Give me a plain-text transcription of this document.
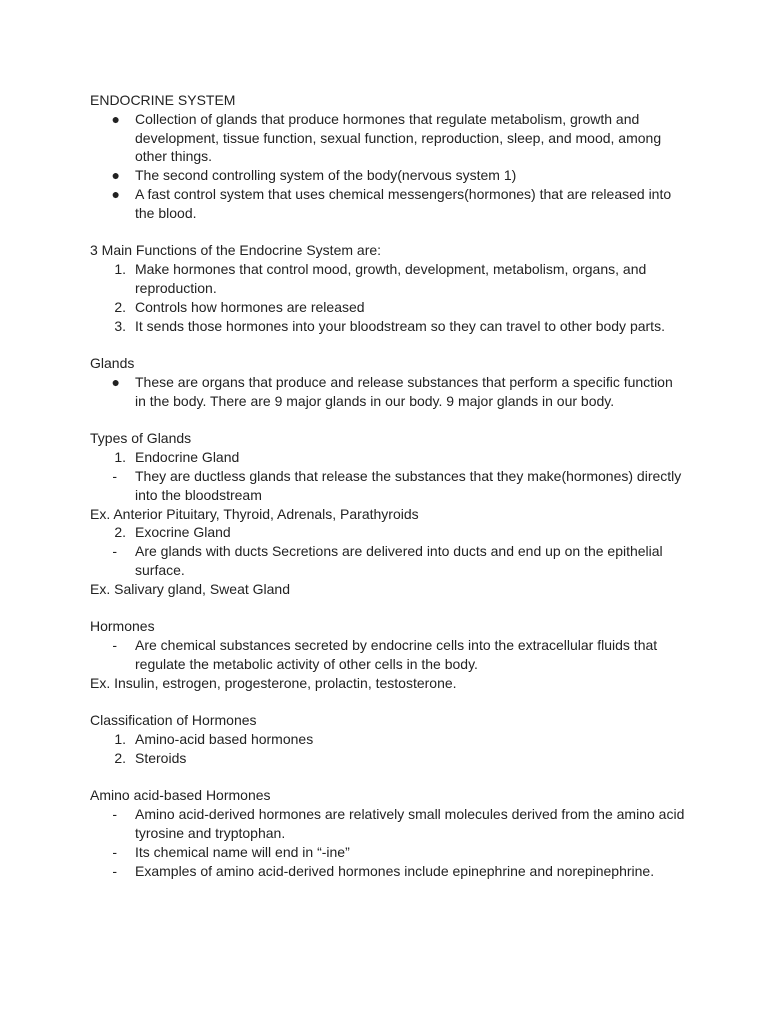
ENDOCRINE SYSTEM

● Collection of glands that produce hormones that regulate metabolism, growth and
development, tissue function, sexual function, reproduction, sleep, and mood, among
other things.
● The second controlling system of the body(nervous system 1)
● A fast control system that uses chemical messengers(hormones) that are released into
the blood.

3 Main Functions of the Endocrine System are:

1. Make hormones that control mood, growth, development, metabolism, organs, and
reproduction.
2. Controls how hormones are released
3. It sends those hormones into your bloodstream so they can travel to other body parts.

Glands

● These are organs that produce and release substances that perform a specific function
in the body. There are 9 major glands in our body. 9 major glands in our body.

Types of Glands

1. Endocrine Gland
- They are ductless glands that release the substances that they make(hormones) directly
into the bloodstream

Ex. Anterior Pituitary, Thyroid, Adrenals, Parathyroids

2. Exocrine Gland
- Are glands with ducts Secretions are delivered into ducts and end up on the epithelial
surface.

Ex. Salivary gland, Sweat Gland

Hormones

- Are chemical substances secreted by endocrine cells into the extracellular fluids that
regulate the metabolic activity of other cells in the body.

Ex. Insulin, estrogen, progesterone, prolactin, testosterone.

Classification of Hormones

1. Amino-acid based hormones
2. Steroids

Amino acid-based Hormones

- Amino acid-derived hormones are relatively small molecules derived from the amino acid
tyrosine and tryptophan.
- Its chemical name will end in “-ine”
- Examples of amino acid-derived hormones include epinephrine and norepinephrine.
